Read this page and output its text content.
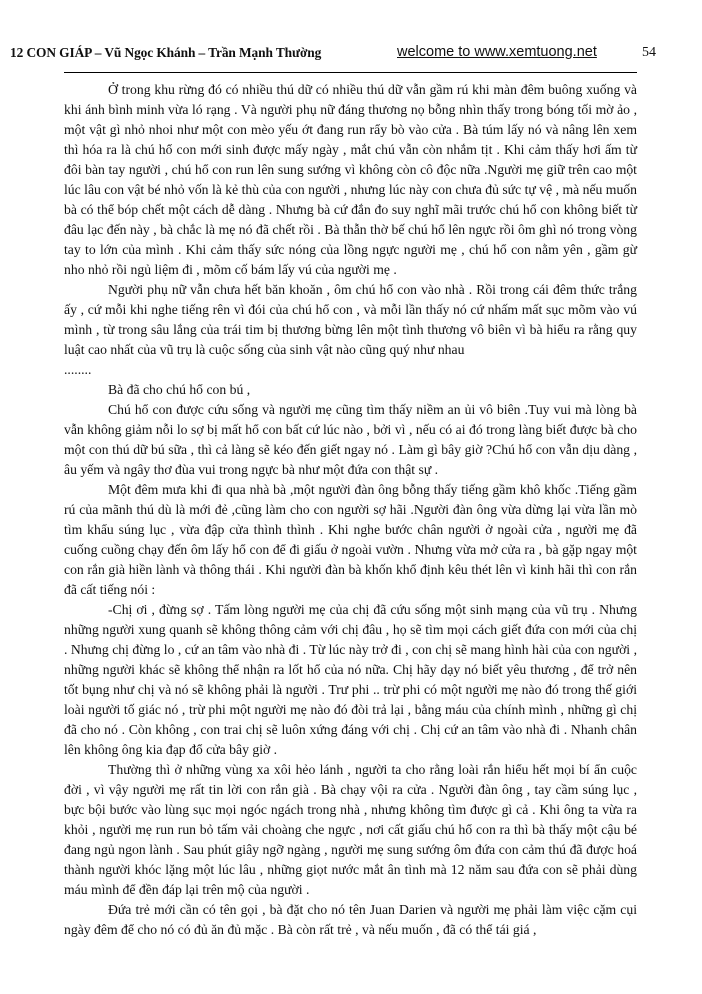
12 CON GIÁP – Vũ Ngọc Khánh – Trần Mạnh Thường	welcome to www.xemtuong.net	54

Ở trong khu rừng đó có nhiều thú dữ có nhiều thú dữ vẫn gầm rú khi màn đêm buông xuống và khi ánh bình minh vừa ló rạng . Và người phụ nữ đáng thương nọ bỗng nhìn thấy trong bóng tối mờ ảo , một vật gì nhỏ nhoi như một con mèo yếu ớt đang run rẩy bò vào cửa . Bà túm lấy nó và nâng lên xem thì hóa ra là chú hổ con mới sinh được mấy ngày , mắt chú vẫn còn nhắm tịt . Khi cảm thấy hơi ấm từ đôi bàn tay người , chú hổ con run lên sung sướng vì không còn cô độc nữa .Người mẹ giữ trên cao một lúc lâu con vật bé nhỏ vốn là kẻ thù của con người , nhưng lúc này con chưa đủ sức tự vệ , mà nếu muốn bà có thể bóp chết một cách dễ dàng . Nhưng bà cứ đắn đo suy nghĩ mãi trước chú hổ con không biết từ đâu lạc đến này , bà chắc là mẹ nó đã chết rồi . Bà thẫn thờ bế chú hổ lên ngực rồi ôm ghì nó trong vòng tay to lớn của mình . Khi cảm thấy sức nóng của lồng ngực người mẹ , chú hổ con nằm yên , gầm gừ nho nhỏ rồi ngủ liệm đi , mõm cố bám lấy vú của người mẹ .

Người phụ nữ vẫn chưa hết băn khoăn , ôm chú hổ con vào nhà . Rồi trong cái đêm thức trắng ấy , cứ mỗi khi nghe tiếng rên vì đói của chú hổ con , và mỗi lần thấy nó cứ nhấm mất sục mõm vào vú mình , từ trong sâu lắng của trái tim bị thương bừng lên một tình thương vô biên vì bà hiểu ra rằng quy luật cao nhất của vũ trụ là cuộc sống của sinh vật nào cũng quý như nhau

........

Bà đã cho chú hổ con bú ,

Chú hổ con được cứu sống và người mẹ cũng tìm thấy niềm an ủi vô biên .Tuy vui mà lòng bà vẫn không giảm nỗi lo sợ bị mất hổ con bất cứ lúc nào , bởi vì , nếu có ai đó trong làng biết được bà cho một con thú dữ bú sữa , thì cả làng sẽ kéo đến giết ngay nó . Làm gì bây giờ ?Chú hổ con vẫn dịu dàng , âu yếm và ngây thơ đùa vui trong ngực bà như một đứa con thật sự .

Một đêm mưa khi đi qua nhà bà ,một người đàn ông bỗng thấy tiếng gầm khô khốc .Tiếng gầm rú của mãnh thú dù là mới đẻ ,cũng làm cho con người sợ hãi .Người đàn ông vừa dừng lại vừa lần mò tìm khẩu súng lục , vừa đập cửa thình thình . Khi nghe bước chân người ở ngoài cửa , người mẹ đã cuống cuồng chạy đến ôm lấy hổ con để đi giấu ở ngoài vườn . Nhưng vừa mở cửa ra , bà gặp ngay một con rắn già hiền lành và thông thái . Khi người đàn bà khốn khổ định kêu thét lên vì kinh hãi thì con rắn đã cất tiếng nói :

-Chị ơi , đừng sợ . Tấm lòng người mẹ của chị đã cứu sống một sinh mạng của vũ trụ . Nhưng những người xung quanh sẽ không thông cảm với chị đâu , họ sẽ tìm mọi cách giết đứa con mới của chị . Nhưng chị đừng lo , cứ an tâm vào nhà đi . Từ lúc này trở đi , con chị sẽ mang hình hài của con người , những người khác sẽ không thể nhận ra lốt hổ của nó nữa. Chị hãy dạy nó biết yêu thương , để trở nên tốt bụng như chị và nó sẽ không phải là người . Trư phi .. trừ phi có một người mẹ nào đó trong thế giới loài người tố giác nó , trừ phi một người mẹ nào đó đòi trả lại , bằng máu của chính mình , những gì chị đã cho nó . Còn không , con trai chị sẽ luôn xứng đáng với chị . Chị cứ an tâm vào nhà đi . Nhanh chân lên không ông kia đạp đổ cửa bây giờ .

Thường thì ở những vùng xa xôi hẻo lánh , người ta cho rằng loài rắn hiểu hết mọi bí ẩn cuộc đời , vì vậy người mẹ rất tin lời con rắn già . Bà chạy vội ra cửa . Người đàn ông , tay cầm súng lục , bực bội bước vào lùng sục mọi ngóc ngách trong nhà , nhưng không tìm được gì cả . Khi ông ta vừa ra khỏi , người mẹ run run bỏ tấm vải choàng che ngực , nơi cất giấu chú hổ con ra thì bà thấy một cậu bé đang ngủ ngon lành . Sau phút giây ngỡ ngàng , người mẹ sung sướng ôm đứa con cảm thú đã được hoá thành người khóc lặng một lúc lâu , những giọt nước mắt ân tình mà 12 năm sau đứa con sẽ phải dùng máu mình để đền đáp lại trên mộ của người .

Đứa trẻ mới cần có tên gọi , bà đặt cho nó tên Juan Darien và người mẹ phải làm việc cặm cụi ngày đêm để cho nó có đủ ăn đủ mặc . Bà còn rất trẻ , và nếu muốn , đã có thể tái giá ,
